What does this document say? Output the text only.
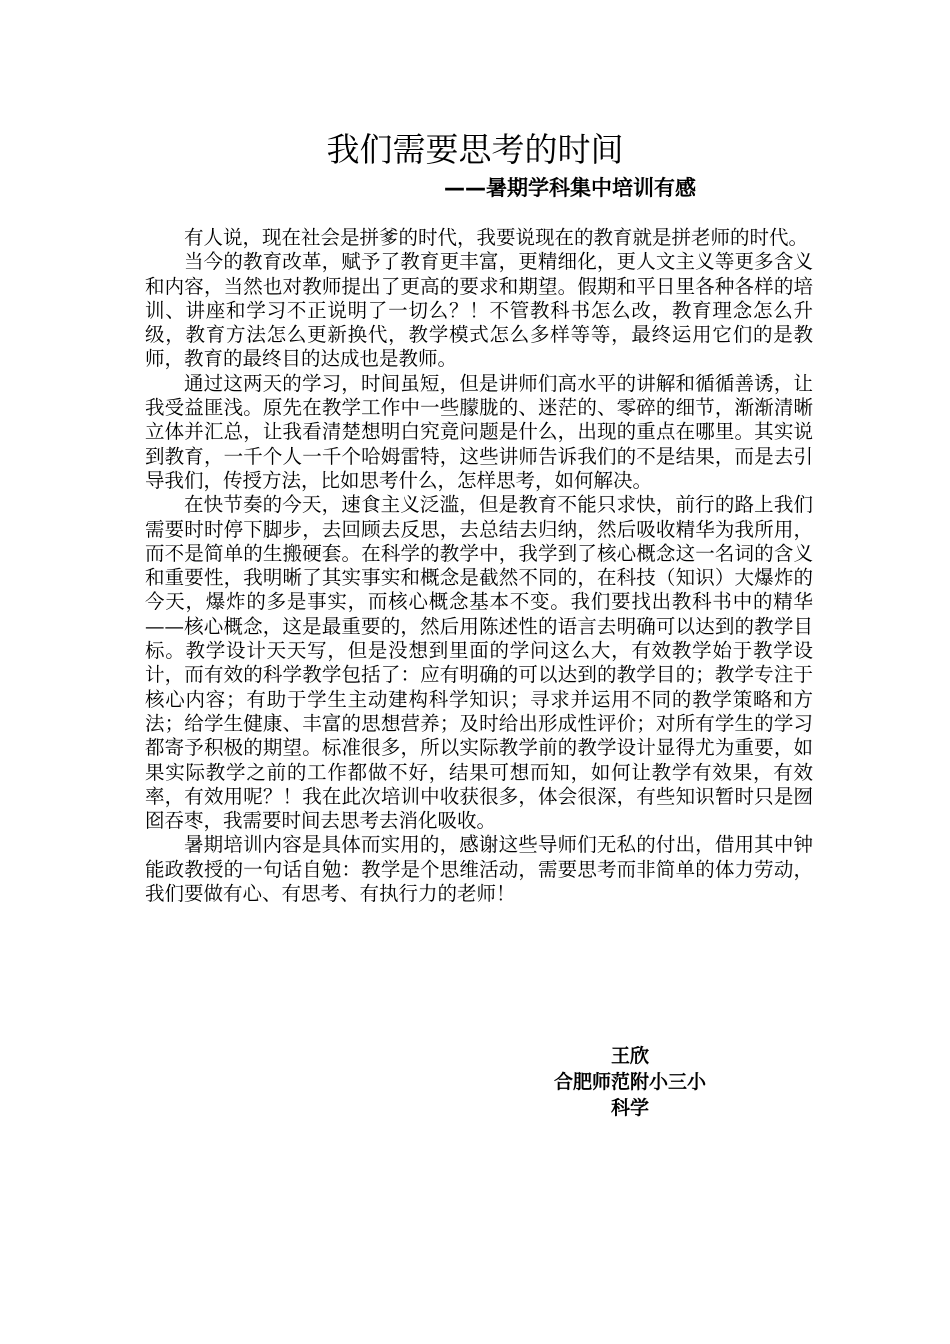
我们需要思考的时间
——暑期学科集中培训有感

有人说，现在社会是拼爹的时代，我要说现在的教育就是拼老师的时代。

当今的教育改革，赋予了教育更丰富，更精细化，更人文主义等更多含义和内容，当然也对教师提出了更高的要求和期望。假期和平日里各种各样的培训、讲座和学习不正说明了一切么？！不管教科书怎么改，教育理念怎么升级，教育方法怎么更新换代，教学模式怎么多样等等，最终运用它们的是教师，教育的最终目的达成也是教师。

通过这两天的学习，时间虽短，但是讲师们高水平的讲解和循循善诱，让我受益匪浅。原先在教学工作中一些朦胧的、迷茫的、零碎的细节，渐渐清晰立体并汇总，让我看清楚想明白究竟问题是什么，出现的重点在哪里。其实说到教育，一千个人一千个哈姆雷特，这些讲师告诉我们的不是结果，而是去引导我们，传授方法，比如思考什么，怎样思考，如何解决。

在快节奏的今天，速食主义泛滥，但是教育不能只求快，前行的路上我们需要时时停下脚步，去回顾去反思，去总结去归纳，然后吸收精华为我所用，而不是简单的生搬硬套。在科学的教学中，我学到了核心概念这一名词的含义和重要性，我明晰了其实事实和概念是截然不同的，在科技（知识）大爆炸的今天，爆炸的多是事实，而核心概念基本不变。我们要找出教科书中的精华——核心概念，这是最重要的，然后用陈述性的语言去明确可以达到的教学目标。教学设计天天写，但是没想到里面的学问这么大，有效教学始于教学设计，而有效的科学教学包括了：应有明确的可以达到的教学目的；教学专注于核心内容；有助于学生主动建构科学知识；寻求并运用不同的教学策略和方法；给学生健康、丰富的思想营养；及时给出形成性评价；对所有学生的学习都寄予积极的期望。标准很多，所以实际教学前的教学设计显得尤为重要，如果实际教学之前的工作都做不好，结果可想而知，如何让教学有效果，有效率，有效用呢？！我在此次培训中收获很多，体会很深，有些知识暂时只是囫囵吞枣，我需要时间去思考去消化吸收。

暑期培训内容是具体而实用的，感谢这些导师们无私的付出，借用其中钟能政教授的一句话自勉：教学是个思维活动，需要思考而非简单的体力劳动，我们要做有心、有思考、有执行力的老师！

王欣
合肥师范附小三小
科学
